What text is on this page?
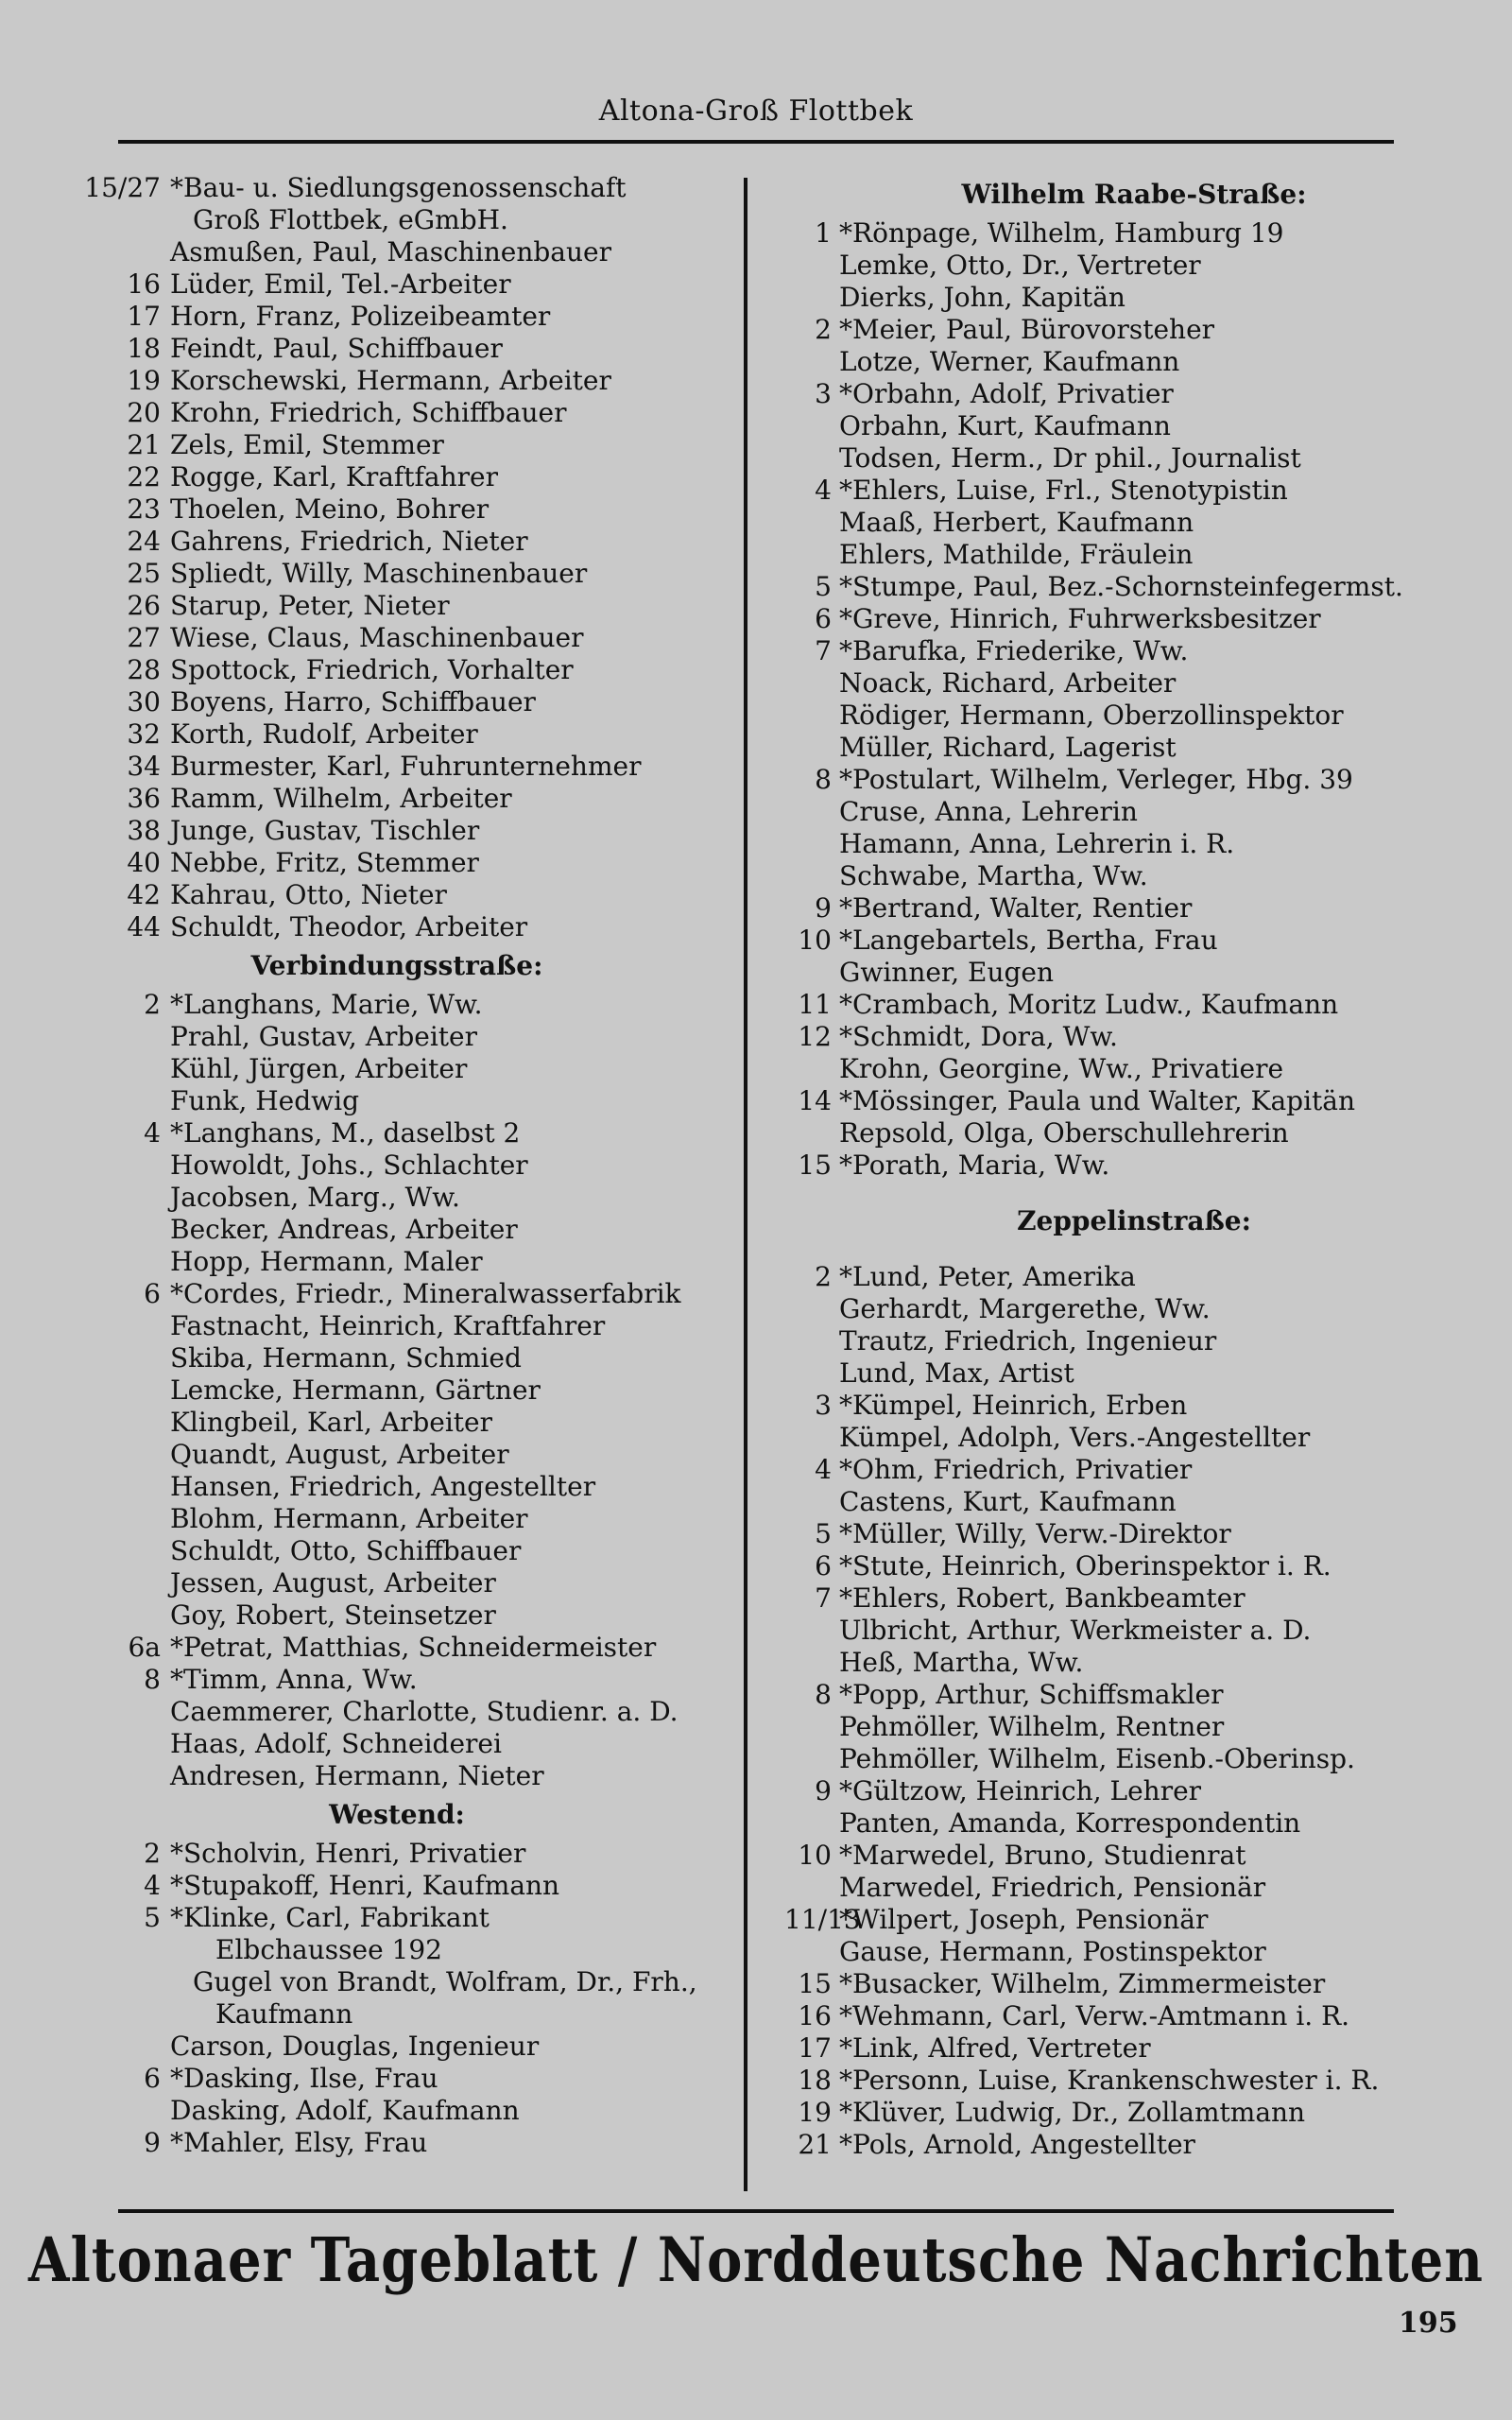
Altona-Groß Flottbek
15/27 *Bau- u. Siedlungsgenossenschaft
Groß Flottbek, eGmbH.
Asmußen, Paul, Maschinenbauer
16 Lüder, Emil, Tel.-Arbeiter
17 Horn, Franz, Polizeibeamter
18 Feindt, Paul, Schiffbauer
19 Korschewski, Hermann, Arbeiter
20 Krohn, Friedrich, Schiffbauer
21 Zels, Emil, Stemmer
22 Rogge, Karl, Kraftfahrer
23 Thoelen, Meino, Bohrer
24 Gahrens, Friedrich, Nieter
25 Spliedt, Willy, Maschinenbauer
26 Starup, Peter, Nieter
27 Wiese, Claus, Maschinenbauer
28 Spottock, Friedrich, Vorhalter
30 Boyens, Harro, Schiffbauer
32 Korth, Rudolf, Arbeiter
34 Burmester, Karl, Fuhrunternehmer
36 Ramm, Wilhelm, Arbeiter
38 Junge, Gustav, Tischler
40 Nebbe, Fritz, Stemmer
42 Kahrau, Otto, Nieter
44 Schuldt, Theodor, Arbeiter
Verbindungsstraße:
2 *Langhans, Marie, Ww.
Prahl, Gustav, Arbeiter
Kühl, Jürgen, Arbeiter
Funk, Hedwig
4 *Langhans, M., daselbst 2
Howoldt, Johs., Schlachter
Jacobsen, Marg., Ww.
Becker, Andreas, Arbeiter
Hopp, Hermann, Maler
6 *Cordes, Friedr., Mineralwasserfabrik
Fastnacht, Heinrich, Kraftfahrer
Skiba, Hermann, Schmied
Lemcke, Hermann, Gärtner
Klingbeil, Karl, Arbeiter
Quandt, August, Arbeiter
Hansen, Friedrich, Angestellter
Blohm, Hermann, Arbeiter
Schuldt, Otto, Schiffbauer
Jessen, August, Arbeiter
Goy, Robert, Steinsetzer
6a *Petrat, Matthias, Schneidermeister
8 *Timm, Anna, Ww.
Caemmerer, Charlotte, Studienr. a. D.
Haas, Adolf, Schneiderei
Andresen, Hermann, Nieter
Westend:
2 *Scholvin, Henri, Privatier
4 *Stupakoff, Henri, Kaufmann
5 *Klinke, Carl, Fabrikant
Elbchaussee 192
Gugel von Brandt, Wolfram, Dr., Frh.,
Kaufmann
Carson, Douglas, Ingenieur
6 *Dasking, Ilse, Frau
Dasking, Adolf, Kaufmann
9 *Mahler, Elsy, Frau
Wilhelm Raabe-Straße:
1 *Rönpage, Wilhelm, Hamburg 19
Lemke, Otto, Dr., Vertreter
Dierks, John, Kapitän
2 *Meier, Paul, Bürovorsteher
Lotze, Werner, Kaufmann
3 *Orbahn, Adolf, Privatier
Orbahn, Kurt, Kaufmann
Todsen, Herm., Dr phil., Journalist
4 *Ehlers, Luise, Frl., Stenotypistin
Maaß, Herbert, Kaufmann
Ehlers, Mathilde, Fräulein
5 *Stumpe, Paul, Bez.-Schornsteinfegermst.
6 *Greve, Hinrich, Fuhrwerksbesitzer
7 *Barufka, Friederike, Ww.
Noack, Richard, Arbeiter
Rödiger, Hermann, Oberzollinspektor
Müller, Richard, Lagerist
8 *Postulart, Wilhelm, Verleger, Hbg. 39
Cruse, Anna, Lehrerin
Hamann, Anna, Lehrerin i. R.
Schwabe, Martha, Ww.
9 *Bertrand, Walter, Rentier
10 *Langebartels, Bertha, Frau
Gwinner, Eugen
11 *Crambach, Moritz Ludw., Kaufmann
12 *Schmidt, Dora, Ww.
Krohn, Georgine, Ww., Privatiere
14 *Mössinger, Paula und Walter, Kapitän
Repsold, Olga, Oberschullehrerin
15 *Porath, Maria, Ww.
Zeppelinstraße:
2 *Lund, Peter, Amerika
Gerhardt, Margerethe, Ww.
Trautz, Friedrich, Ingenieur
Lund, Max, Artist
3 *Kümpel, Heinrich, Erben
Kümpel, Adolph, Vers.-Angestellter
4 *Ohm, Friedrich, Privatier
Castens, Kurt, Kaufmann
5 *Müller, Willy, Verw.-Direktor
6 *Stute, Heinrich, Oberinspektor i. R.
7 *Ehlers, Robert, Bankbeamter
Ulbricht, Arthur, Werkmeister a. D.
Heß, Martha, Ww.
8 *Popp, Arthur, Schiffsmakler
Pehmöller, Wilhelm, Rentner
Pehmöller, Wilhelm, Eisenb.-Oberinsp.
9 *Gültzow, Heinrich, Lehrer
Panten, Amanda, Korrespondentin
10 *Marwedel, Bruno, Studienrat
Marwedel, Friedrich, Pensionär
11/13
*Wilpert, Joseph, Pensionär
Gause, Hermann, Postinspektor
15 *Busacker, Wilhelm, Zimmermeister
16 *Wehmann, Carl, Verw.-Amtmann i. R.
17 *Link, Alfred, Vertreter
18 *Personn, Luise, Krankenschwester i. R.
19 *Klüver, Ludwig, Dr., Zollamtmann
21 *Pols, Arnold, Angestellter
Altonaer Tageblatt / Norddeutsche Nachrichten
195
